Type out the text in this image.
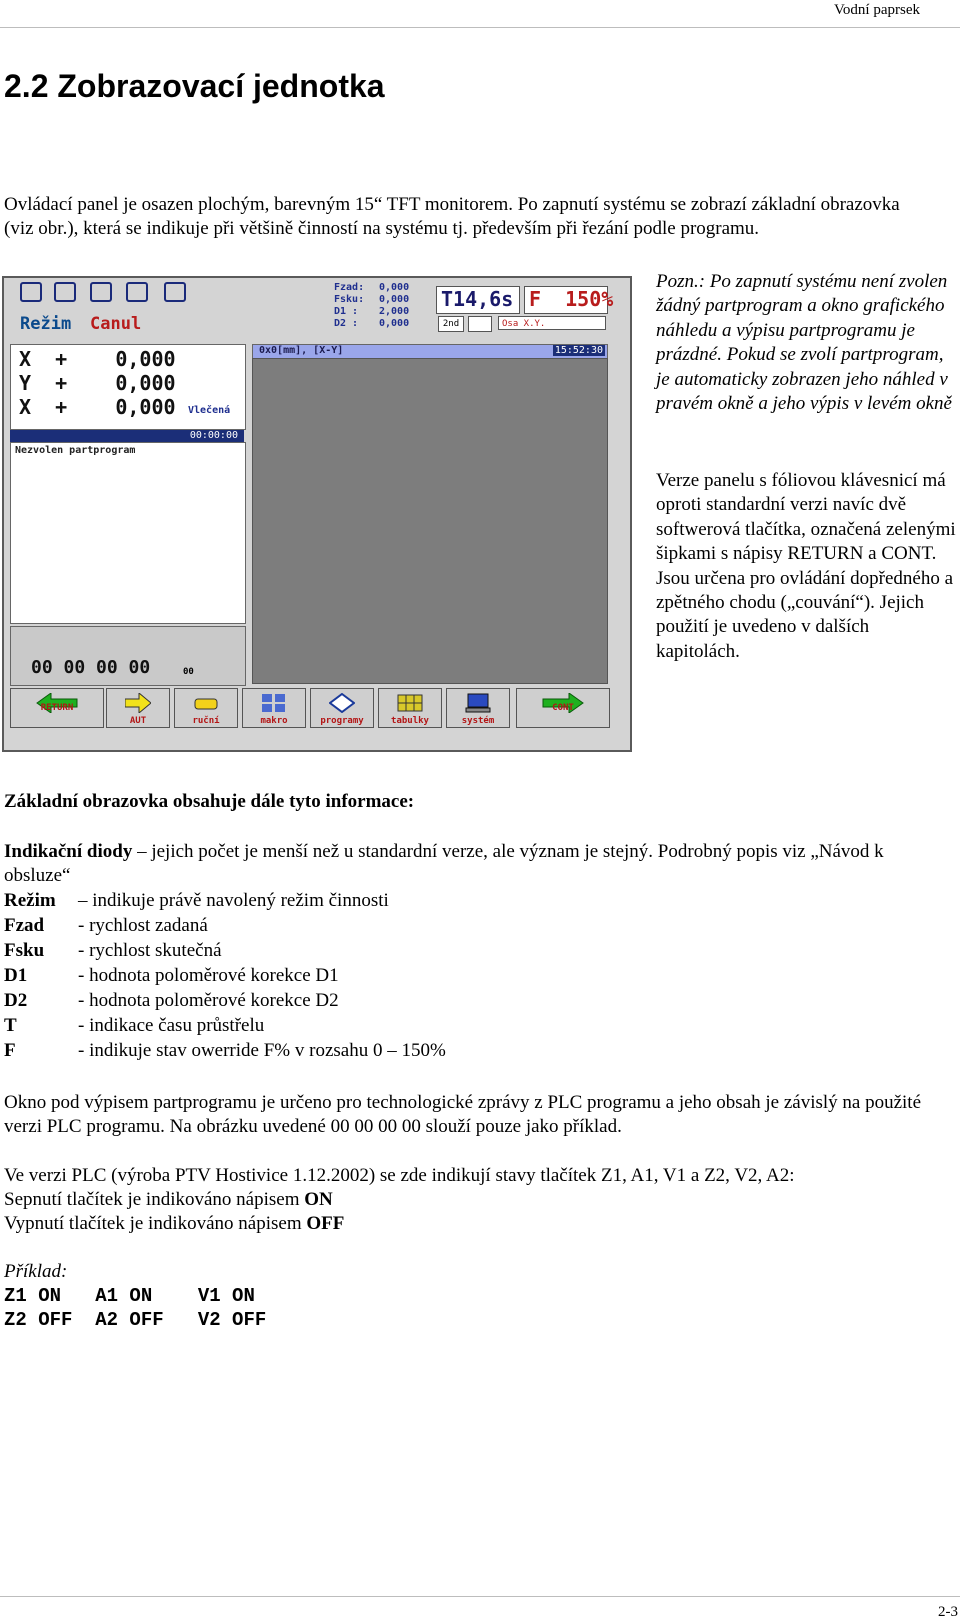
Vodní paprsek
2.2 Zobrazovací jednotka

Ovládací panel je osazen plochým, barevným 15“ TFT monitorem. Po zapnutí systému se zobrazí základní obrazovka (viz obr.), která se indikuje při většině činností na systému tj. především při řezání podle programu.

Režim Canul
Fzad: 0,000
Fsku: 0,000
D1 : 2,000
D2 : 0,000
T14,6s F  150%
2nd	Osa X.Y.
X  +    0,000
Y  +    0,000
X  +    0,000 Vlečená
00:00:00
Nezvolen partprogram
00 00 00 00	00
0x0[mm], [X-Y]	15:52:30
RETURN
AUT	ruční	makro	programy	tabulky	systém
CONT

Pozn.: Po zapnutí systému není zvolen žádný partprogram a okno grafického náhledu a výpisu partprogramu je prázdné. Pokud se zvolí partprogram, je automaticky zobrazen jeho náhled v pravém okně a jeho výpis v levém okně

Verze panelu s fóliovou klávesnicí má oproti standardní verzi navíc dvě softwerová tlačítka, označená zelenými šipkami s nápisy RETURN a CONT. Jsou určena pro ovládání dopředného a zpětného chodu („couvání“). Jejich použití je uvedeno v dalších kapitolách.

Základní obrazovka obsahuje dále tyto informace:

Indikační diody – jejich počet je menší než u standardní verze, ale význam je stejný. Podrobný popis viz „Návod k obsluze“

Režim – indikuje právě navolený režim činnosti
Fzad - rychlost zadaná
Fsku - rychlost skutečná
D1	- hodnota poloměrové korekce D1
D2	- hodnota poloměrové korekce D2
T	- indikace času průstřelu
F	- indikuje stav owerride F% v rozsahu 0 – 150%

Okno pod výpisem partprogramu je určeno pro technologické zprávy z PLC programu a jeho obsah je závislý na použité verzi PLC programu. Na obrázku uvedené 00 00 00 00 slouží pouze jako příklad.

Ve verzi PLC (výroba PTV Hostivice 1.12.2002) se zde indikují stavy tlačítek Z1, A1, V1 a Z2, V2, A2:

Sepnutí tlačítek je indikováno nápisem ON

Vypnutí tlačítek je indikováno nápisem OFF

Příklad:

Z1 ON   A1 ON    V1 ON
Z2 OFF  A2 OFF   V2 OFF
2-3
